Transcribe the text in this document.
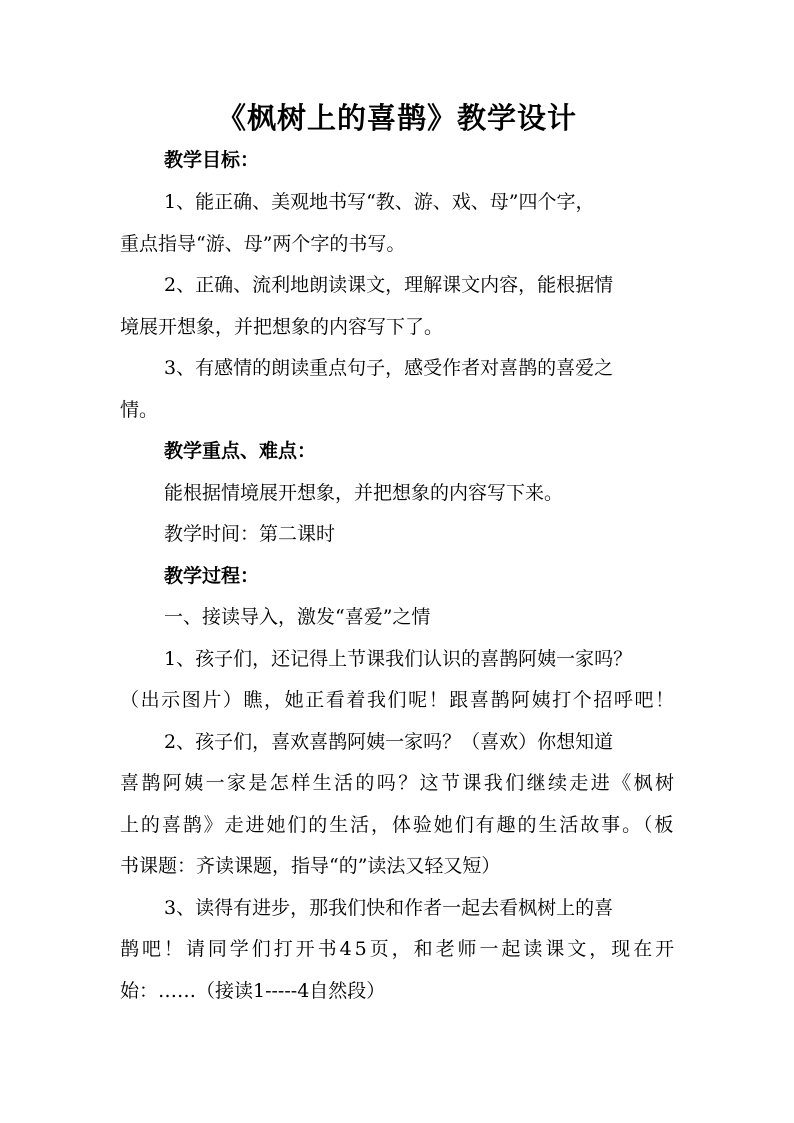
《枫树上的喜鹊》教学设计
教学目标：
1、能正确、美观地书写“教、游、戏、母”四个字，
重点指导“游、母”两个字的书写。
2、正确、流利地朗读课文，理解课文内容，能根据情
境展开想象，并把想象的内容写下了。
3、有感情的朗读重点句子，感受作者对喜鹊的喜爱之
情。
教学重点、难点：
能根据情境展开想象，并把想象的内容写下来。
教学时间：第二课时
教学过程：
一、接读导入，激发“喜爱”之情
1、孩子们，还记得上节课我们认识的喜鹊阿姨一家吗？
（出示图片）瞧，她正看着我们呢！跟喜鹊阿姨打个招呼吧！
2、孩子们，喜欢喜鹊阿姨一家吗？（喜欢）你想知道
喜鹊阿姨一家是怎样生活的吗？这节课我们继续走进《枫树
上的喜鹊》走进她们的生活，体验她们有趣的生活故事。（板
书课题：齐读课题，指导“的”读法又轻又短）
3、读得有进步，那我们快和作者一起去看枫树上的喜
鹊吧！请同学们打开书45页，和老师一起读课文，现在开
始：……（接读1-----4自然段）
